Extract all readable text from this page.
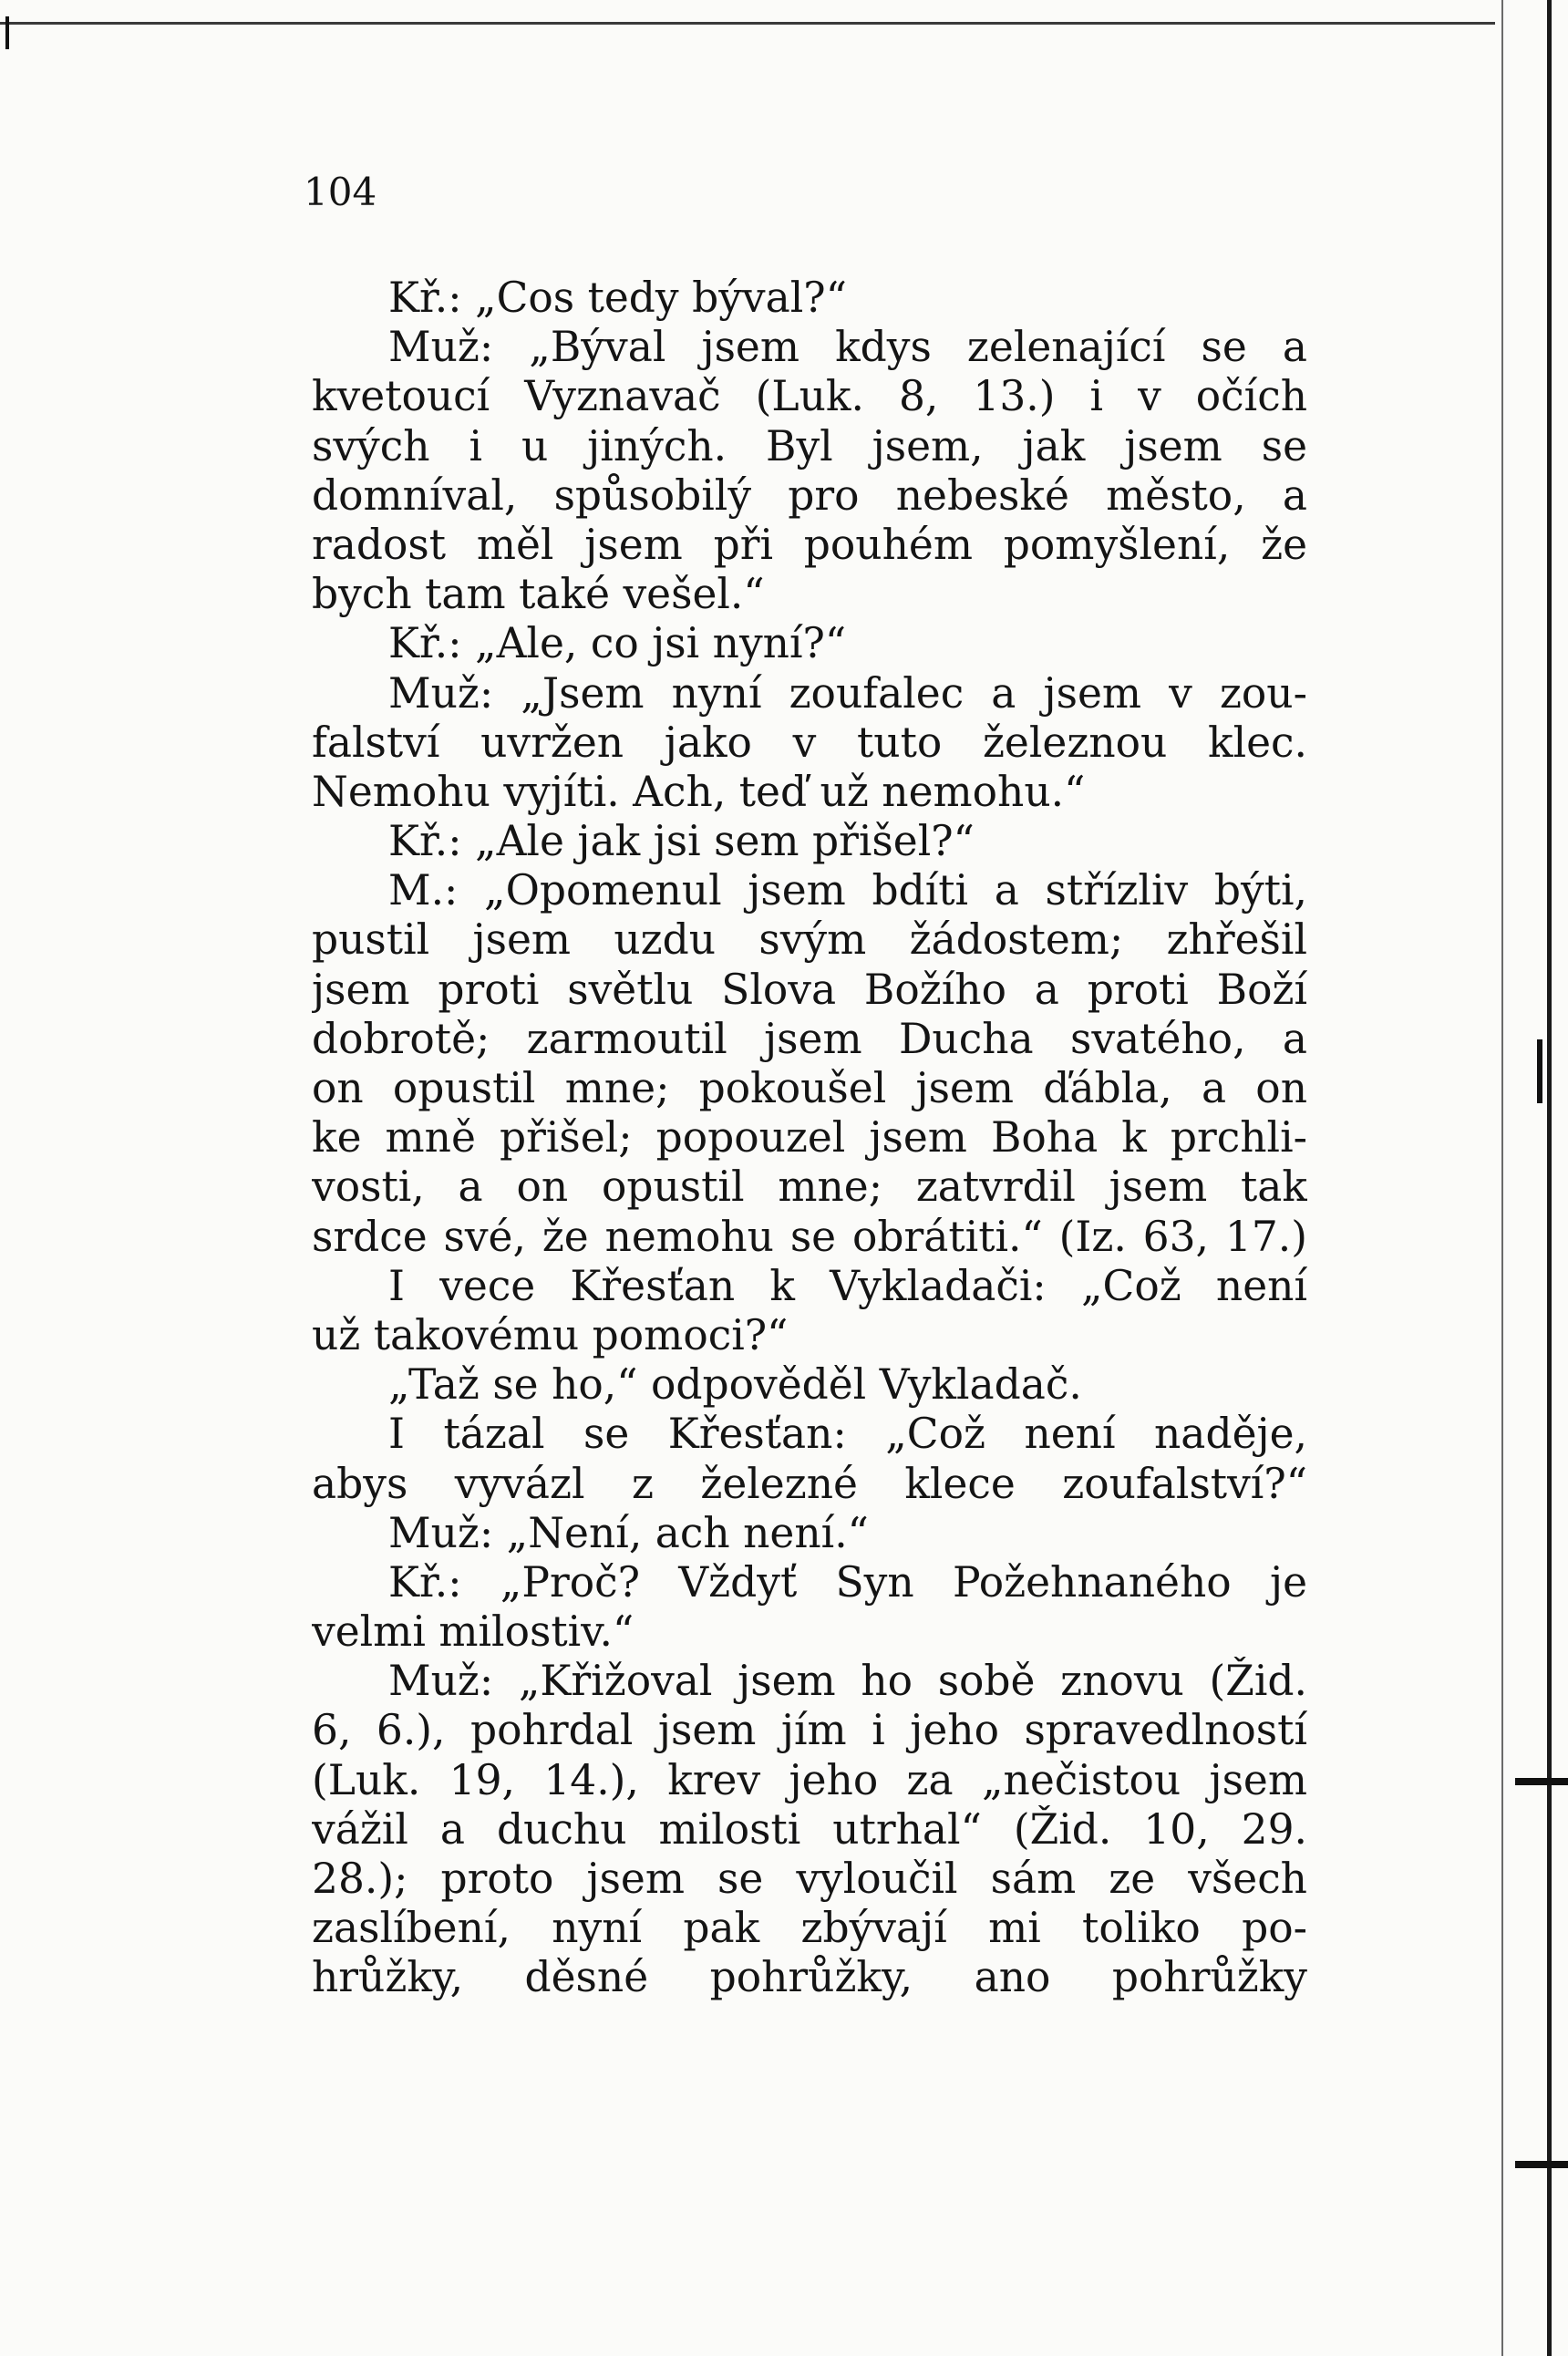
104
Kř.: „Cos tedy býval?“
Muž: „Býval jsem kdys zelenající se a
kvetoucí Vyznavač (Luk. 8, 13.) i v očích
svých i u jiných. Byl jsem, jak jsem se
domníval, spůsobilý pro nebeské město, a
radost měl jsem při pouhém pomyšlení, že
bych tam také vešel.“
Kř.: „Ale, co jsi nyní?“
Muž: „Jsem nyní zoufalec a jsem v zou-
falství uvržen jako v tuto železnou klec.
Nemohu vyjíti. Ach, teď už nemohu.“
Kř.: „Ale jak jsi sem přišel?“
M.: „Opomenul jsem bdíti a střízliv býti,
pustil jsem uzdu svým žádostem; zhřešil
jsem proti světlu Slova Božího a proti Boží
dobrotě; zarmoutil jsem Ducha svatého, a
on opustil mne; pokoušel jsem ďábla, a on
ke mně přišel; popouzel jsem Boha k prchli-
vosti, a on opustil mne; zatvrdil jsem tak
srdce své, že nemohu se obrátiti.“ (Iz. 63, 17.)
I vece Křesťan k Vykladači: „Což není
už takovému pomoci?“
„Taž se ho,“ odpověděl Vykladač.
I tázal se Křesťan: „Což není naděje,
abys vyvázl z železné klece zoufalství?“
Muž: „Není, ach není.“
Kř.: „Proč? Vždyť Syn Požehnaného je
velmi milostiv.“
Muž: „Křižoval jsem ho sobě znovu (Žid.
6, 6.), pohrdal jsem jím i jeho spravedlností
(Luk. 19, 14.), krev jeho za „nečistou jsem
vážil a duchu milosti utrhal“ (Žid. 10, 29.
28.); proto jsem se vyloučil sám ze všech
zaslíbení, nyní pak zbývají mi toliko po-
hrůžky, děsné pohrůžky, ano pohrůžky
